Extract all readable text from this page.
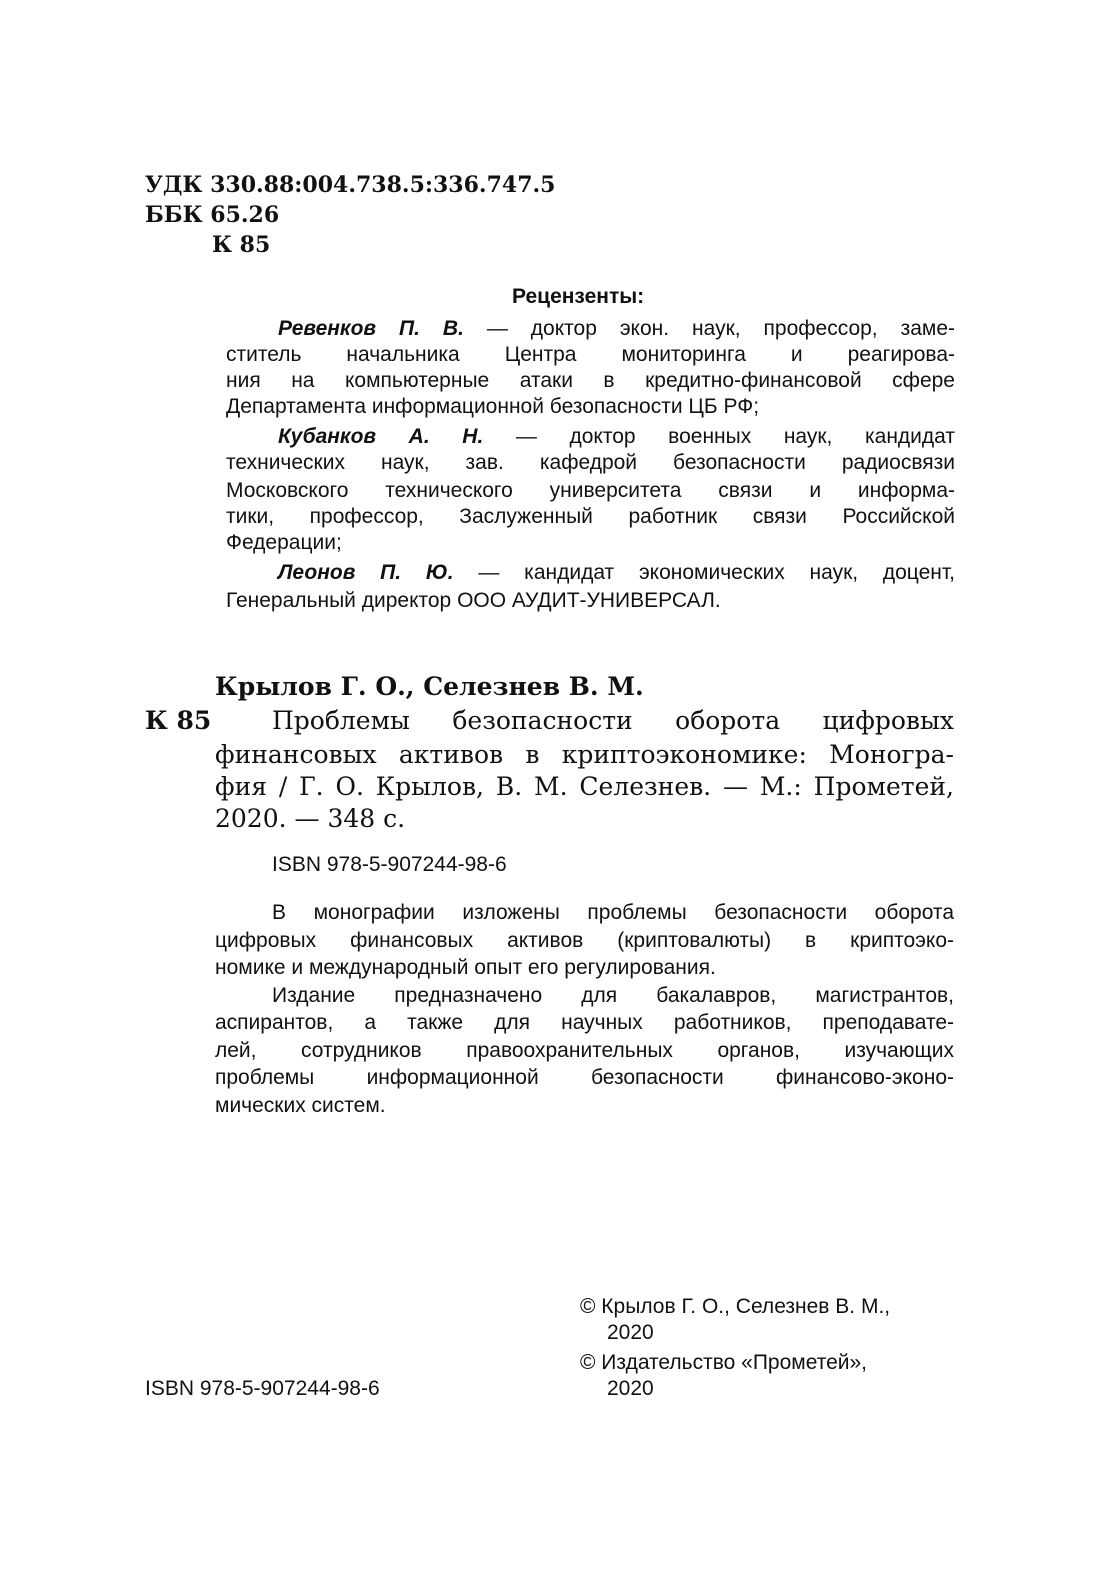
УДК 330.88:004.738.5:336.747.5
ББК 65.26
К 85
Рецензенты:
Ревенков П. В. — доктор экон. наук, профессор, заме-
ститель начальника Центра мониторинга и реагирова-
ния на компьютерные атаки в кредитно-финансовой сфере
Департамента информационной безопасности ЦБ РФ;
Кубанков А. Н. — доктор военных наук, кандидат
технических наук, зав. кафедрой безопасности радиосвязи
Московского технического университета связи и информа-
тики, профессор, Заслуженный работник связи Российской
Федерации;
Леонов П. Ю. — кандидат экономических наук, доцент,
Генеральный директор ООО АУДИТ-УНИВЕРСАЛ.
Крылов Г. О., Селезнев В. М.
К 85 Проблемы безопасности оборота цифровых
финансовых активов в криптоэкономике: Моногра-
фия / Г. О. Крылов, В. М. Селезнев. — М.: Прометей,
2020. — 348 с.
ISBN 978-5-907244-98-6
В монографии изложены проблемы безопасности оборота
цифровых финансовых активов (криптовалюты) в криптоэко-
номике и международный опыт его регулирования.
Издание предназначено для бакалавров, магистрантов,
аспирантов, а также для научных работников, преподавате-
лей, сотрудников правоохранительных органов, изучающих
проблемы информационной безопасности финансово-эконо-
мических систем.
© Крылов Г. О., Селезнев В. М.,
2020
© Издательство «Прометей»,
ISBN 978-5-907244-98-6	2020
